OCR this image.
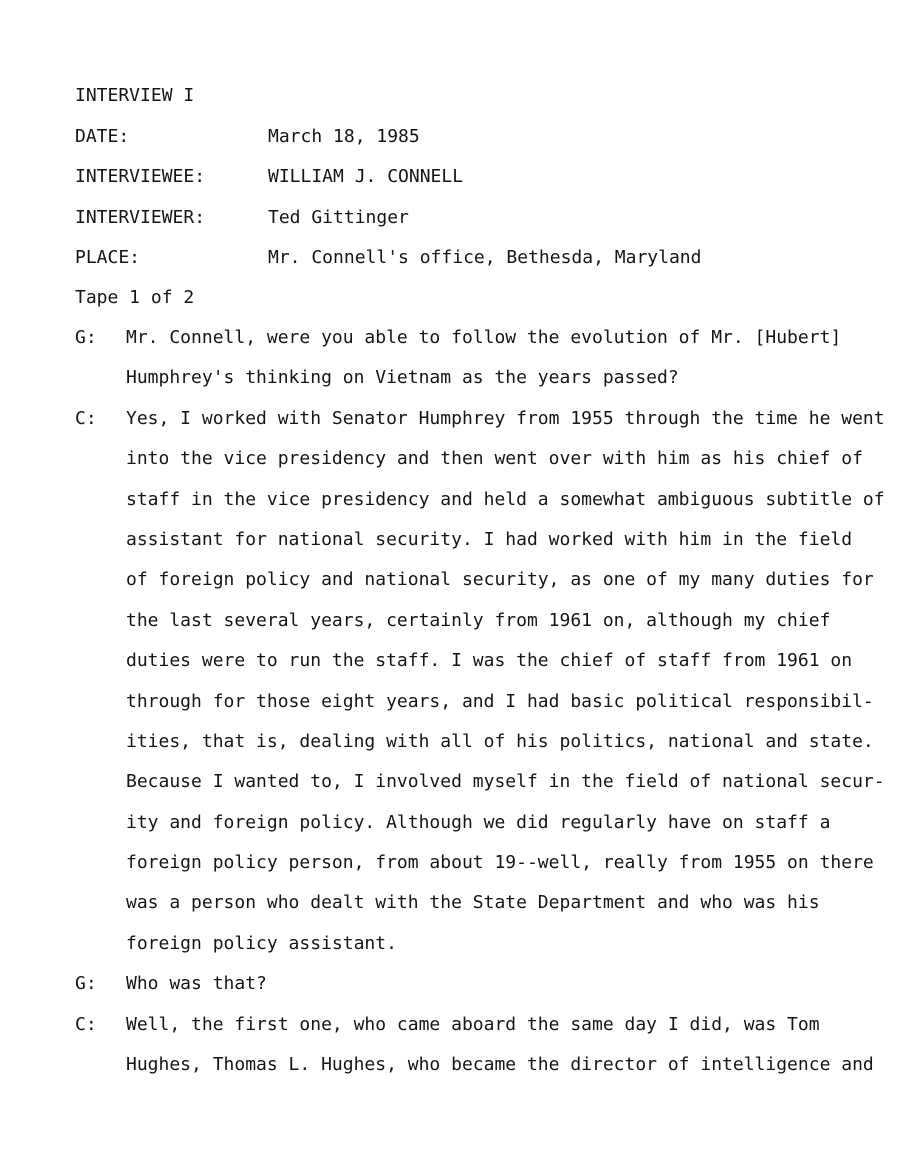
INTERVIEW I
DATE:	March 18, 1985
INTERVIEWEE:	WILLIAM J. CONNELL
INTERVIEWER:	Ted Gittinger
PLACE:	Mr. Connell's office, Bethesda, Maryland
Tape 1 of 2
G: Mr. Connell, were you able to follow the evolution of Mr. [Hubert]
Humphrey's thinking on Vietnam as the years passed?
C: Yes, I worked with Senator Humphrey from 1955 through the time he went
into the vice presidency and then went over with him as his chief of
staff in the vice presidency and held a somewhat ambiguous subtitle of
assistant for national security. I had worked with him in the field
of foreign policy and national security, as one of my many duties for
the last several years, certainly from 1961 on, although my chief
duties were to run the staff. I was the chief of staff from 1961 on
through for those eight years, and I had basic political responsibil-
ities, that is, dealing with all of his politics, national and state.
Because I wanted to, I involved myself in the field of national secur-
ity and foreign policy. Although we did regularly have on staff a
foreign policy person, from about 19--well, really from 1955 on there
was a person who dealt with the State Department and who was his
foreign policy assistant.
G: Who was that?
C: Well, the first one, who came aboard the same day I did, was Tom
Hughes, Thomas L. Hughes, who became the director of intelligence and
